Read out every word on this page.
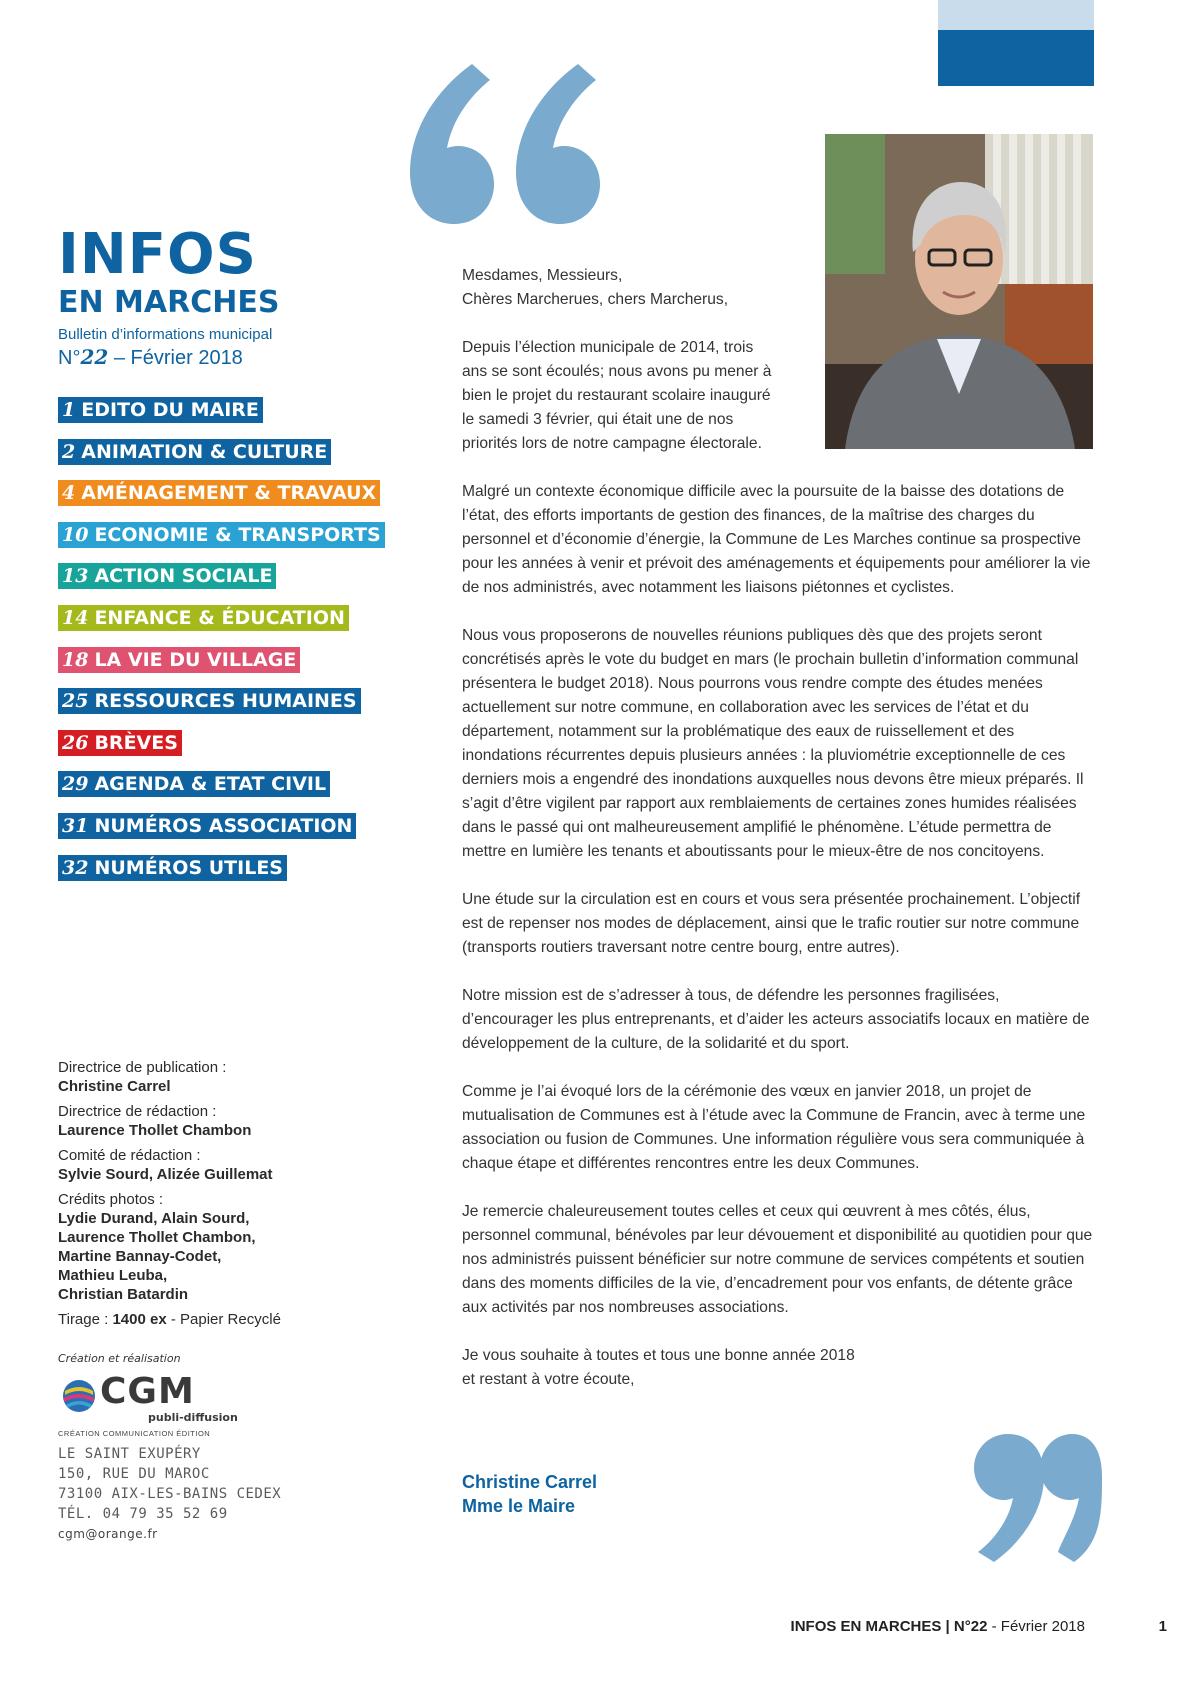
INFOS
EN MARCHES
Bulletin d’informations municipal
N°22 – Février 2018
1 EDITO DU MAIRE
2 ANIMATION & CULTURE
4 AMÉNAGEMENT & TRAVAUX
10 ECONOMIE & TRANSPORTS
13 ACTION SOCIALE
14 ENFANCE & ÉDUCATION
18 LA VIE DU VILLAGE
25 RESSOURCES HUMAINES
26 BRÈVES
29 AGENDA & ETAT CIVIL
31 NUMÉROS ASSOCIATION
32 NUMÉROS UTILES
Directrice de publication :
Christine Carrel
Directrice de rédaction :
Laurence Thollet Chambon
Comité de rédaction :
Sylvie Sourd, Alizée Guillemat
Crédits photos :
Lydie Durand, Alain Sourd,
Laurence Thollet Chambon,
Martine Bannay-Codet,
Mathieu Leuba,
Christian Batardin
Tirage : 1400 ex - Papier Recyclé
Création et réalisation
CGM
publi-diffusion
CRÉATION COMMUNICATION ÉDITION
LE SAINT EXUPÉRY
150, RUE DU MAROC
73100 AIX-LES-BAINS CEDEX
TÉL. 04 79 35 52 69
cgm@orange.fr

Mesdames, Messieurs,
Chères Marcherues, chers Marcherus,

Depuis l’élection municipale de 2014, trois
ans se sont écoulés; nous avons pu mener à
bien le projet du restaurant scolaire inauguré
le samedi 3 février, qui était une de nos
priorités lors de notre campagne électorale.

Malgré un contexte économique difficile avec la poursuite de la baisse des dotations de l’état, des efforts importants de gestion des finances, de la maîtrise des charges du personnel et d’économie d’énergie, la Commune de Les Marches continue sa prospective pour les années à venir et prévoit des aménagements et équipements pour améliorer la vie de nos administrés, avec notamment les liaisons piétonnes et cyclistes.

Nous vous proposerons de nouvelles réunions publiques dès que des projets seront concrétisés après le vote du budget en mars (le prochain bulletin d’information communal présentera le budget 2018). Nous pourrons vous rendre compte des études menées actuellement sur notre commune, en collaboration avec les services de l’état et du département, notamment sur la problématique des eaux de ruissellement et des inondations récurrentes depuis plusieurs années : la pluviométrie exceptionnelle de ces derniers mois a engendré des inondations auxquelles nous devons être mieux préparés. Il s’agit d’être vigilent par rapport aux remblaiements de certaines zones humides réalisées dans le passé qui ont malheureusement amplifié le phénomène. L’étude permettra de mettre en lumière les tenants et aboutissants pour le mieux-être de nos concitoyens.

Une étude sur la circulation est en cours et vous sera présentée prochainement. L’objectif est de repenser nos modes de déplacement, ainsi que le trafic routier sur notre commune (transports routiers traversant notre centre bourg, entre autres).

Notre mission est de s’adresser à tous, de défendre les personnes fragilisées, d’encourager les plus entreprenants, et d’aider les acteurs associatifs locaux en matière de développement de la culture, de la solidarité et du sport.

Comme je l’ai évoqué lors de la cérémonie des vœux en janvier 2018, un projet de mutualisation de Communes est à l’étude avec la Commune de Francin, avec à terme une association ou fusion de Communes. Une information régulière vous sera communiquée à chaque étape et différentes rencontres entre les deux Communes.

Je remercie chaleureusement toutes celles et ceux qui œuvrent à mes côtés, élus, personnel communal, bénévoles par leur dévouement et disponibilité au quotidien pour que nos administrés puissent bénéficier sur notre commune de services compétents et soutien dans des moments difficiles de la vie, d’encadrement pour vos enfants, de détente grâce aux activités par nos nombreuses associations.

Je vous souhaite à toutes et tous une bonne année 2018
et restant à votre écoute,

Christine Carrel
Mme le Maire
INFOS EN MARCHES | N°22 - Février 2018	1
